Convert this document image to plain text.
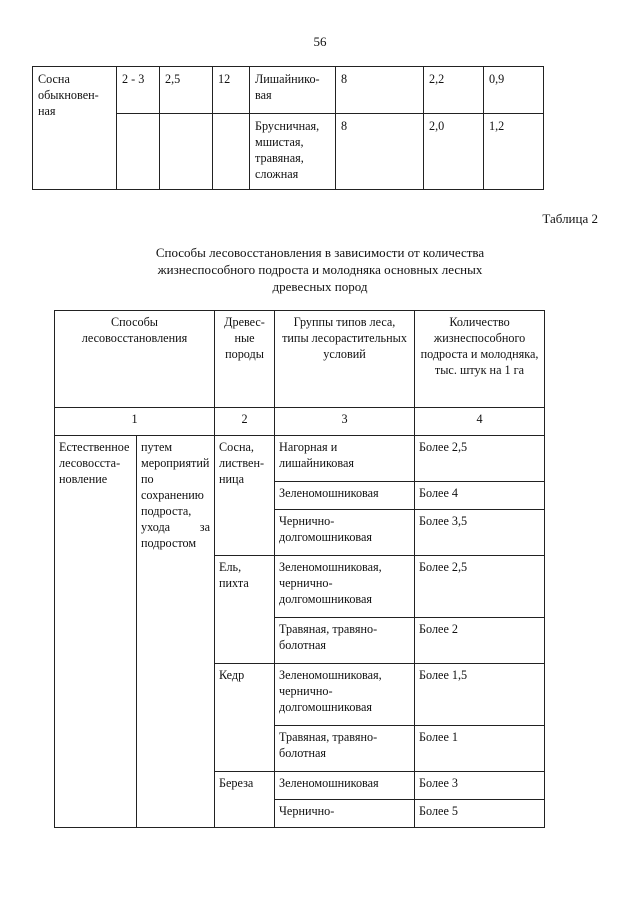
56
Сосна обыкновен-ная	2 - 3	2,5	12	Лишайнико-вая	8	2,2	0,9
				Брусничная, мшистая, травяная, сложная	8	2,0	1,2
Таблица 2
Способы лесовосстановления в зависимости от количества жизнеспособного подроста и молодняка основных лесных древесных пород
Способы лесовосстановления		Древес-ные породы	Группы типов леса, типы лесорастительных условий	Количество жизнеспособного подроста и молодняка, тыс. штук на 1 га
1		2	3	4
Естественное лесовосста-новление	путем мероприятий по сохранению подроста, ухода за подростом	Сосна, листвен-ница	Нагорная и лишайниковая	Более 2,5
			Зеленомошниковая	Более 4
			Чернично-долгомошниковая	Более 3,5
		Ель, пихта	Зеленомошниковая, чернично-долгомошниковая	Более 2,5
			Травяная, травяно-болотная	Более 2
		Кедр	Зеленомошниковая, чернично-долгомошниковая	Более 1,5
			Травяная, травяно-болотная	Более 1
		Береза	Зеленомошниковая	Более 3
			Чернично-	Более 5
